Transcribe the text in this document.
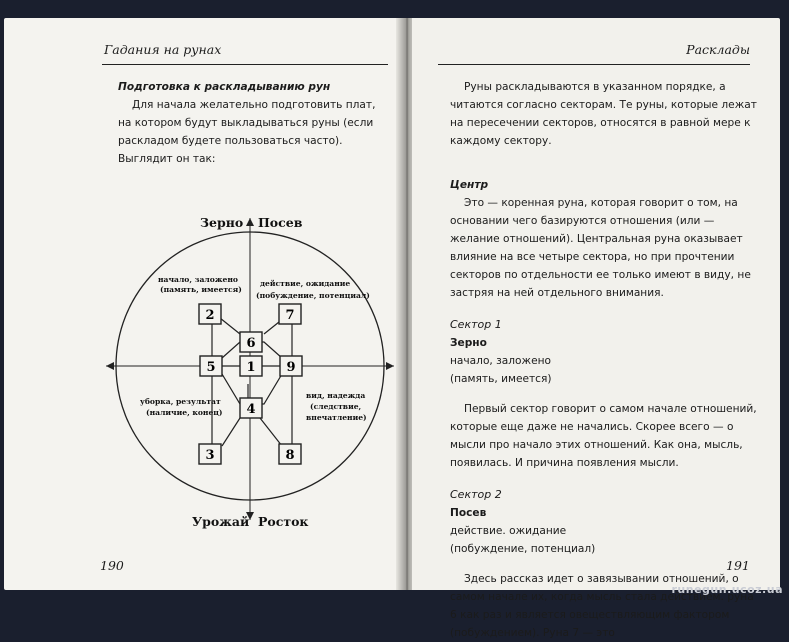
Гадания на рунах

Подготовка к раскладыванию рун

Для начала желательно подготовить плат, на котором будут выкладываться руны (если раскладом будете пользоваться часто). Выглядит он так:

2	7
6
5 1 9
4
3	8
Зерно Посев
Урожай Росток
начало, заложено
(память, имеется)
действие, ожидание
(побуждение, потенциал)
уборка, результат
(наличие, конец)
вид, надежда
(следствие,
впечатление)
190
Расклады

Руны раскладываются в указанном порядке, а читаются согласно секторам. Те руны, которые лежат на пересечении секторов, относятся в равной мере к каждому сектору.

Центр

Это — коренная руна, которая говорит о том, на основании чего базируются отношения (или — желание отношений). Центральная руна оказывает влияние на все четыре сектора, но при прочтении секторов по отдельности ее только имеют в виду, не застряя на ней отдельного внимания.

Сектор 1

Зерно

начало, заложено

(память, имеется)

Первый сектор говорит о самом начале отношений, которые еще даже не начались. Скорее всего — о мысли про начало этих отношений. Как она, мысль, появилась. И причина появления мысли.

Сектор 2

Посев

действие. ожидание

(побуждение, потенциал)

Здесь рассказ идет о завязывании отношений, о самом начале их, когда мысль стала действием. руна 6 как раз и является овеществляющим фактором (побуждением). Руна 7 — это

191
runegun.ucoz.ua
